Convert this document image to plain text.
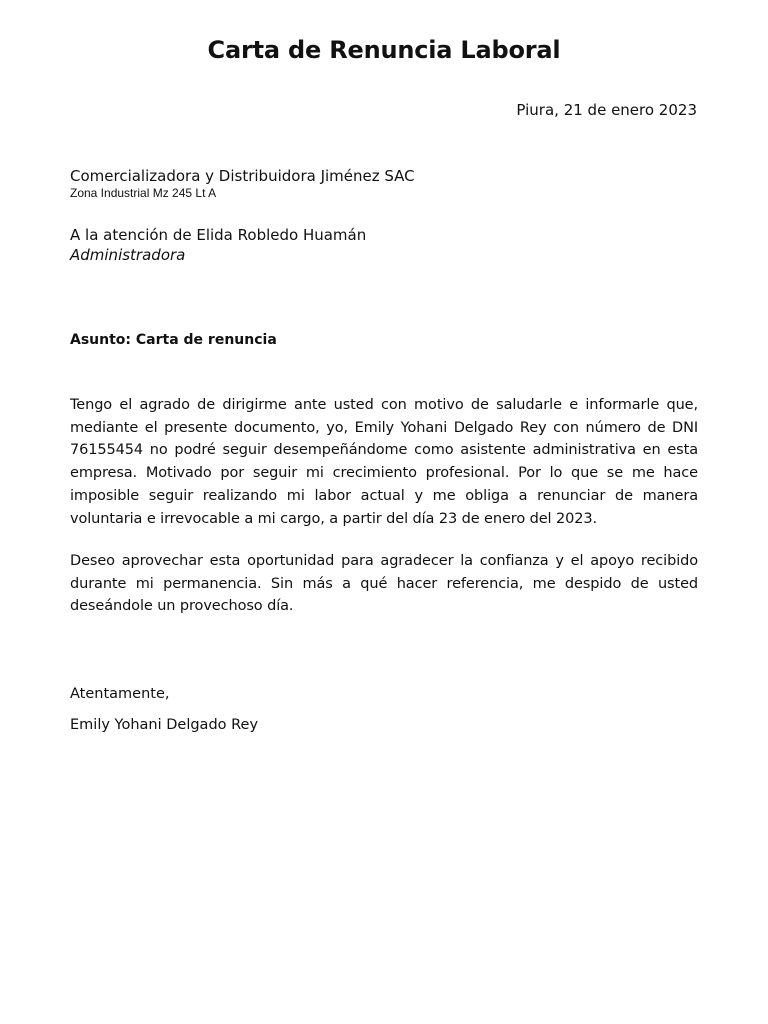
Carta de Renuncia Laboral
Piura, 21 de enero 2023
Comercializadora y Distribuidora Jiménez SAC
Zona Industrial Mz 245 Lt A
A la atención de Elida Robledo Huamán
Administradora
Asunto: Carta de renuncia
Tengo el agrado de dirigirme ante usted con motivo de saludarle e informarle que, mediante el presente documento, yo, Emily Yohani Delgado Rey con número de DNI 76155454 no podré seguir desempeñándome como asistente administrativa en esta empresa. Motivado por seguir mi crecimiento profesional. Por lo que se me hace imposible seguir realizando mi labor actual y me obliga a renunciar de manera voluntaria e irrevocable a mi cargo, a partir del día 23 de enero del 2023.
Deseo aprovechar esta oportunidad para agradecer la confianza y el apoyo recibido durante mi permanencia. Sin más a qué hacer referencia, me despido de usted deseándole un provechoso día.
Atentamente,
Emily Yohani Delgado Rey
